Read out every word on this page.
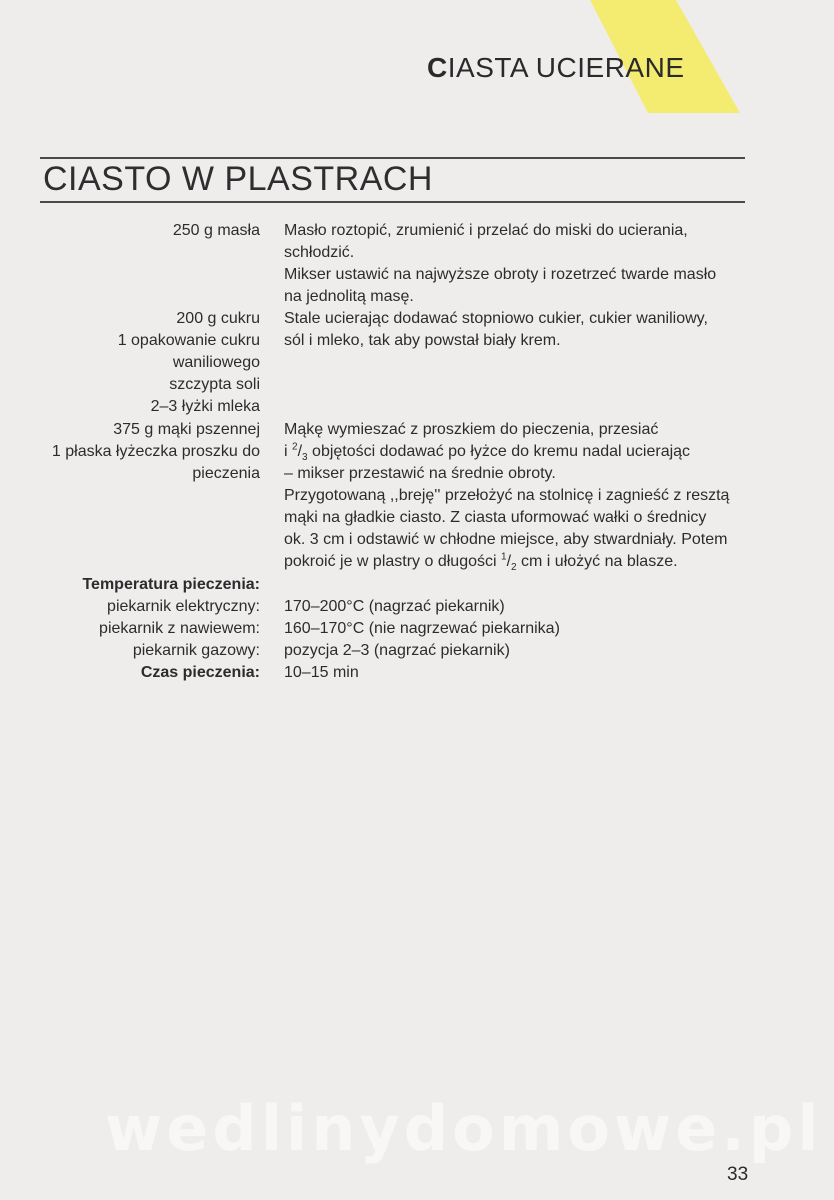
CIASTA UCIERANE
CIASTO W PLASTRACH
250 g masła
200 g cukru
1 opakowanie cukru
waniliowego
szczypta soli
2–3 łyżki mleka
375 g mąki pszennej
1 płaska łyżeczka proszku do
pieczenia
Masło roztopić, zrumienić i przelać do miski do ucierania,
schłodzić.
Mikser ustawić na najwyższe obroty i rozetrzeć twarde masło
na jednolitą masę.
Stale ucierając dodawać stopniowo cukier, cukier waniliowy,
sól i mleko, tak aby powstał biały krem.
Mąkę wymieszać z proszkiem do pieczenia, przesiać
i $^2/_3$ objętości dodawać po łyżce do kremu nadal ucierając
– mikser przestawić na średnie obroty.
Przygotowaną ,,breję'' przełożyć na stolnicę i zagnieść z resztą
mąki na gładkie ciasto. Z ciasta uformować wałki o średnicy
ok. 3 cm i odstawić w chłodne miejsce, aby stwardniały. Potem
pokroić je w plastry o długości $^1/_2$ cm i ułożyć na blasze.
Temperatura pieczenia:
piekarnik elektryczny: 170–200°C (nagrzać piekarnik)
piekarnik z nawiewem: 160–170°C (nie nagrzewać piekarnika)
piekarnik gazowy: pozycja 2–3 (nagrzać piekarnik)
Czas pieczenia: 10–15 min
wedlinydomowe.pl
33
